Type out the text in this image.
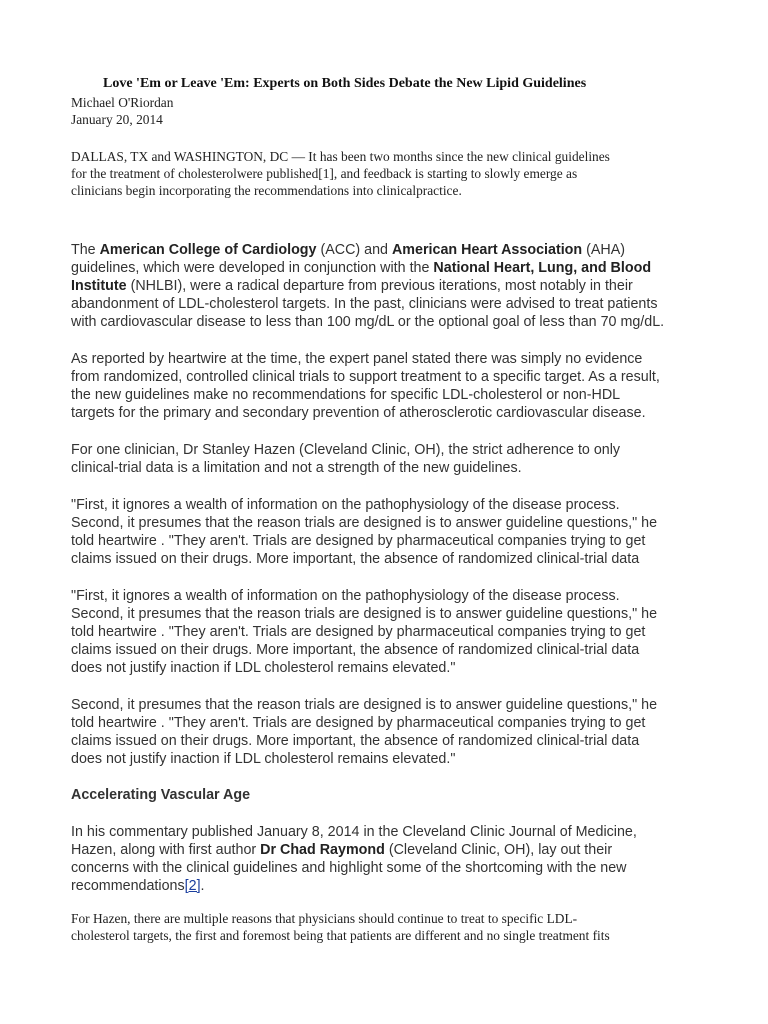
Love 'Em or Leave 'Em: Experts on Both Sides Debate the New Lipid Guidelines
Michael O'Riordan
January 20, 2014
DALLAS, TX and WASHINGTON, DC — It has been two months since the new clinical guidelines
for the treatment of cholesterolwere published[1], and feedback is starting to slowly emerge as
clinicians begin incorporating the recommendations into clinicalpractice.
The American College of Cardiology (ACC) and American Heart Association (AHA)
guidelines, which were developed in conjunction with the National Heart, Lung, and Blood
Institute (NHLBI), were a radical departure from previous iterations, most notably in their
abandonment of LDL-cholesterol targets. In the past, clinicians were advised to treat patients
with cardiovascular disease to less than 100 mg/dL or the optional goal of less than 70 mg/dL.
As reported by heartwire at the time, the expert panel stated there was simply no evidence
from randomized, controlled clinical trials to support treatment to a specific target. As a result,
the new guidelines make no recommendations for specific LDL-cholesterol or non-HDL
targets for the primary and secondary prevention of atherosclerotic cardiovascular disease.
For one clinician, Dr Stanley Hazen (Cleveland Clinic, OH), the strict adherence to only
clinical-trial data is a limitation and not a strength of the new guidelines.
"First, it ignores a wealth of information on the pathophysiology of the disease process.
Second, it presumes that the reason trials are designed is to answer guideline questions," he
told heartwire . "They aren't. Trials are designed by pharmaceutical companies trying to get
claims issued on their drugs. More important, the absence of randomized clinical-trial data
"First, it ignores a wealth of information on the pathophysiology of the disease process.
Second, it presumes that the reason trials are designed is to answer guideline questions," he
told heartwire . "They aren't. Trials are designed by pharmaceutical companies trying to get
claims issued on their drugs. More important, the absence of randomized clinical-trial data
does not justify inaction if LDL cholesterol remains elevated."
Second, it presumes that the reason trials are designed is to answer guideline questions," he
told heartwire . "They aren't. Trials are designed by pharmaceutical companies trying to get
claims issued on their drugs. More important, the absence of randomized clinical-trial data
does not justify inaction if LDL cholesterol remains elevated."
Accelerating Vascular Age
In his commentary published January 8, 2014 in the Cleveland Clinic Journal of Medicine,
Hazen, along with first author Dr Chad Raymond (Cleveland Clinic, OH), lay out their
concerns with the clinical guidelines and highlight some of the shortcoming with the new
recommendations[2].
For Hazen, there are multiple reasons that physicians should continue to treat to specific LDL-
cholesterol targets, the first and foremost being that patients are different and no single treatment fits
